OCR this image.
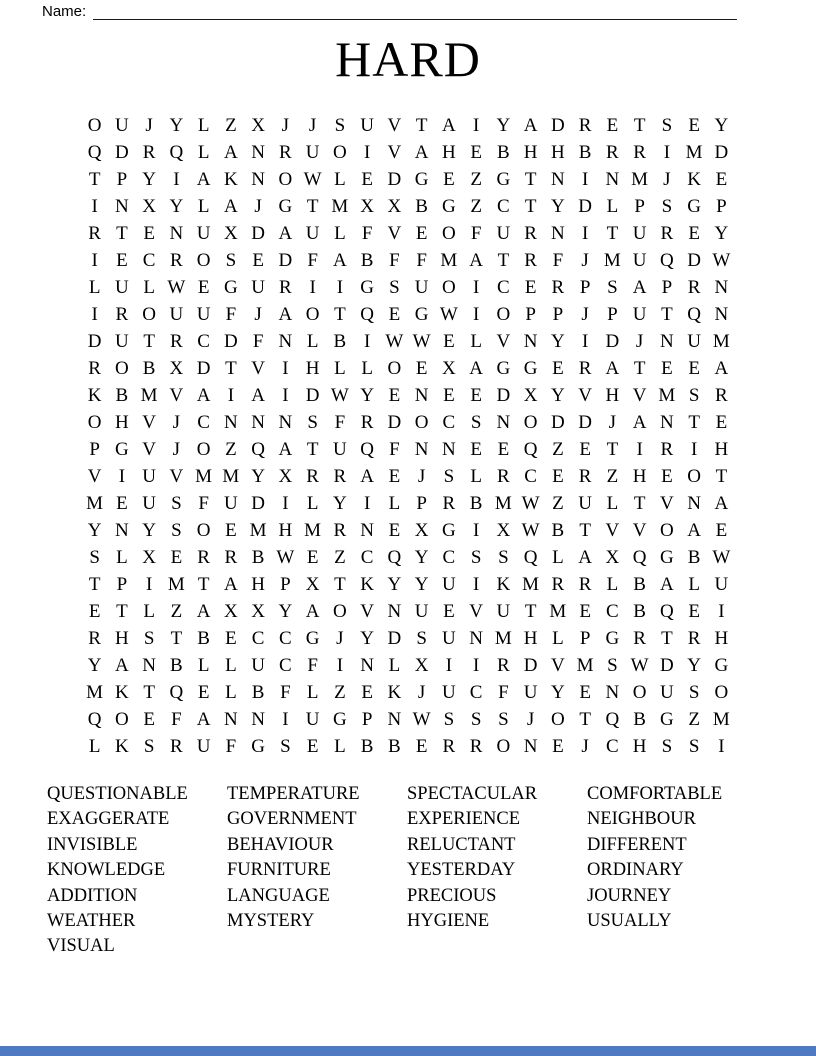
Name:
HARD
O U J Y L Z X J	J S U V T A I Y A D R E T S E Y
Q D R Q L A N R U O I V A H E B H H B R R I M D
T P Y I A K N O W L E D G E Z G T N I N M J K E
I N X Y L A J G T M X X B G Z C T Y D L P S G P
R T E N U X D A U L F V E O F U R N I T U R E Y
I E C R O S E D F A B F F M A T R F J M U Q D W
L U L W E G U R I	I G S U O I C E R P S A P R N
I R O U U F J A O T Q E G W I O P P J P U T Q N
D U T R C D F N L B I W W E L V N Y I D J N U M
R O B X D T V I H L L O E X A G G E R A T E E A
K B M V A I A I D W Y E N E E D X Y V H V M S R
O H V J C N N N S F R D O C S N O D D J A N T E
P G V J O Z Q A T U Q F N N E E Q Z E T I R I H
V I U V M M Y X R R A E J S L R C E R Z H E O T
M E U S F U D I L Y I L P R B M W Z U L T V N A
Y N Y S O E M H M R N E X G I X W B T V V O A E
S L X E R R B W E Z C Q Y C S S Q L A X Q G B W
T P I M T A H P X T K Y Y U I K M R R L B A L U
E T L Z A X X Y A O V N U E V U T M E C B Q E I
R H S T B E C C G J Y D S U N M H L P G R T R H
Y A N B L L U C F I N L X I	I R D V M S W D Y G
M K T Q E L B F L Z E K J U C F U Y E N O U S O
Q O E F A N N I U G P N W S S S J O T Q B G Z M
L K S R U F G S E L B B E R R O N E J C H S S I
QUESTIONABLE
EXAGGERATE
INVISIBLE
KNOWLEDGE
ADDITION
WEATHER
VISUAL
TEMPERATURE
GOVERNMENT
BEHAVIOUR
FURNITURE
LANGUAGE
MYSTERY
SPECTACULAR
EXPERIENCE
RELUCTANT
YESTERDAY
PRECIOUS
HYGIENE
COMFORTABLE
NEIGHBOUR
DIFFERENT
ORDINARY
JOURNEY
USUALLY
